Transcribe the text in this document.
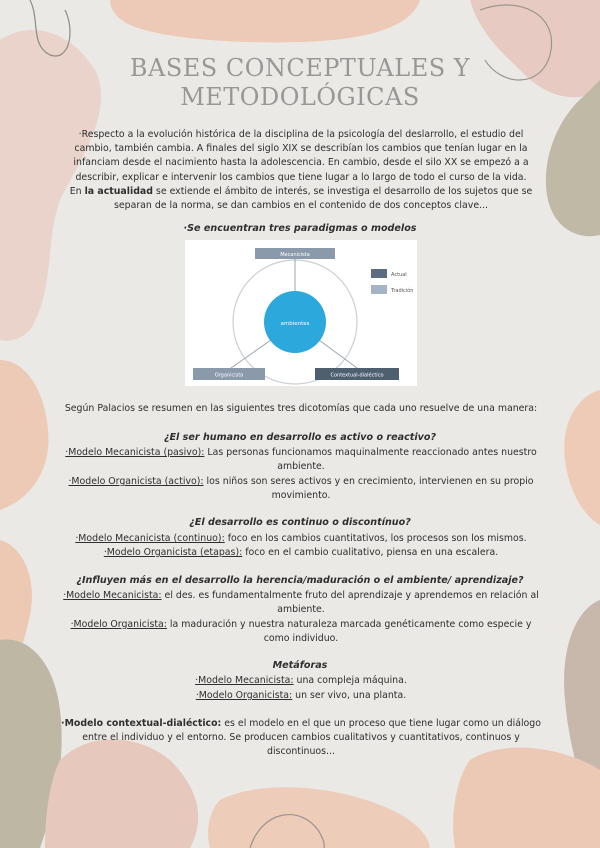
BASES CONCEPTUALES Y
METODOLÓGICAS

·Respecto a la evolución histórica de la disciplina de la psicología del deslarrollo, el estudio del cambio, también cambia. A finales del siglo XIX se describían los cambios que tenían lugar en la infanciam desde el nacimiento hasta la adolescencia. En cambio, desde el silo XX se empezó a a describir, explicar e intervenir los cambios que tiene lugar a lo largo de todo el curso de la vida.
En la actualidad se extiende el ámbito de interés, se investiga el desarrollo de los sujetos que se separan de la norma, se dan cambios en el contenido de dos conceptos clave...

·Se encuentran tres paradigmas o modelos

ambientes
Mecanicista
Organicista	Contextual-dialéctico
Actual
Tradición

Según Palacios se resumen en las siguientes tres dicotomías que cada uno resuelve de una manera:

¿El ser humano en desarrollo es activo o reactivo?

·Modelo Mecanicista (pasivo): Las personas funcionamos maquinalmente reaccionado antes nuestro
ambiente.

·Modelo Organicista (activo): los niños son seres activos y en crecimiento, intervienen en su propio
movimiento.

¿El desarrollo es continuo o discontínuo?

·Modelo Mecanicista (continuo): foco en los cambios cuantitativos, los procesos son los mismos.

·Modelo Organicista (etapas): foco en el cambio cualitativo, piensa en una escalera.

¿Influyen más en el desarrollo la herencia/maduración o el ambiente/ aprendizaje?

·Modelo Mecanicista: el des. es fundamentalmente fruto del aprendizaje y aprendemos en relación al
ambiente.

·Modelo Organicista: la maduración y nuestra naturaleza marcada genéticamente como especie y
como individuo.

Metáforas

·Modelo Mecanicista: una compleja máquina.

·Modelo Organicista: un ser vivo, una planta.

·Modelo contextual-dialéctico: es el modelo en el que un proceso que tiene lugar como un diálogo
entre el individuo y el entorno. Se producen cambios cualitativos y cuantitativos, continuos y
discontinuos...
